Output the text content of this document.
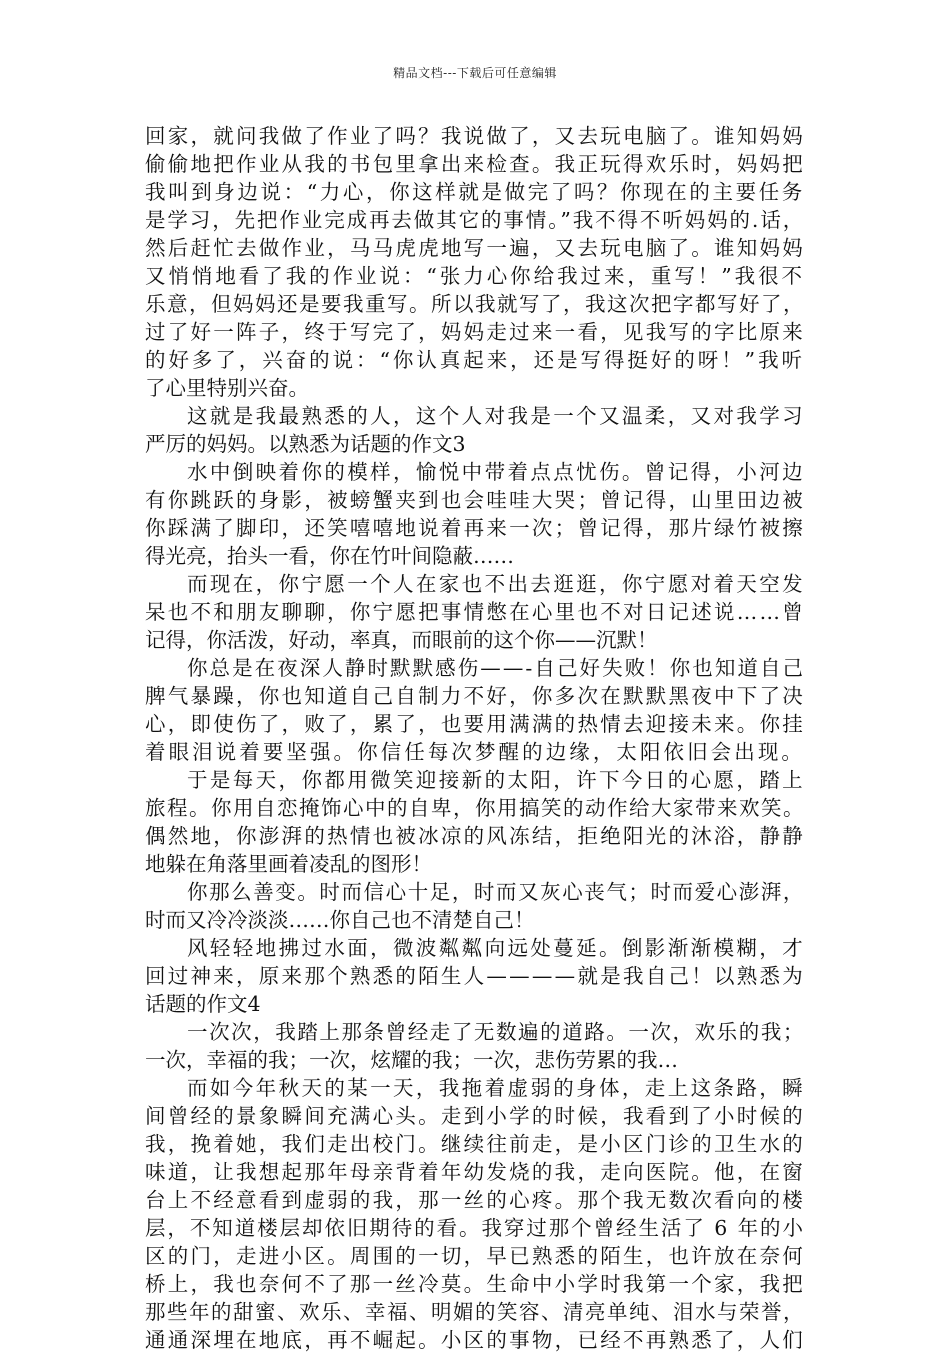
精品文档---下载后可任意编辑
回家，就问我做了作业了吗？我说做了，又去玩电脑了。谁知妈妈
偷偷地把作业从我的书包里拿出来检查。我正玩得欢乐时，妈妈把
我叫到身边说：“力心，你这样就是做完了吗？你现在的主要任务
是学习，先把作业完成再去做其它的事情。”我不得不听妈妈的.话，
然后赶忙去做作业，马马虎虎地写一遍，又去玩电脑了。谁知妈妈
又悄悄地看了我的作业说：“张力心你给我过来，重写！”我很不
乐意，但妈妈还是要我重写。所以我就写了，我这次把字都写好了，
过了好一阵子，终于写完了，妈妈走过来一看，见我写的字比原来
的好多了，兴奋的说：“你认真起来，还是写得挺好的呀！”我听
了心里特别兴奋。
这就是我最熟悉的人，这个人对我是一个又温柔，又对我学习
严厉的妈妈。以熟悉为话题的作文3
水中倒映着你的模样，愉悦中带着点点忧伤。曾记得，小河边
有你跳跃的身影，被螃蟹夹到也会哇哇大哭；曾记得，山里田边被
你踩满了脚印，还笑嘻嘻地说着再来一次；曾记得，那片绿竹被擦
得光亮，抬头一看，你在竹叶间隐蔽……
而现在，你宁愿一个人在家也不出去逛逛，你宁愿对着天空发
呆也不和朋友聊聊，你宁愿把事情憋在心里也不对日记述说……曾
记得，你活泼，好动，率真，而眼前的这个你——沉默！
你总是在夜深人静时默默感伤——-自己好失败！你也知道自己
脾气暴躁，你也知道自己自制力不好，你多次在默默黑夜中下了决
心，即使伤了，败了，累了，也要用满满的热情去迎接未来。你挂
着眼泪说着要坚强。你信任每次梦醒的边缘，太阳依旧会出现。
于是每天，你都用微笑迎接新的太阳，许下今日的心愿，踏上
旅程。你用自恋掩饰心中的自卑，你用搞笑的动作给大家带来欢笑。
偶然地，你澎湃的热情也被冰凉的风冻结，拒绝阳光的沐浴，静静
地躲在角落里画着凌乱的图形！
你那么善变。时而信心十足，时而又灰心丧气；时而爱心澎湃，
时而又冷冷淡淡……你自己也不清楚自己！
风轻轻地拂过水面，微波粼粼向远处蔓延。倒影渐渐模糊，才
回过神来，原来那个熟悉的陌生人————就是我自己！以熟悉为
话题的作文4
一次次，我踏上那条曾经走了无数遍的道路。一次，欢乐的我；
一次，幸福的我；一次，炫耀的我；一次，悲伤劳累的我…
而如今年秋天的某一天，我拖着虚弱的身体，走上这条路，瞬
间曾经的景象瞬间充满心头。走到小学的时候，我看到了小时候的
我，挽着她，我们走出校门。继续往前走，是小区门诊的卫生水的
味道，让我想起那年母亲背着年幼发烧的我，走向医院。他，在窗
台上不经意看到虚弱的我，那一丝的心疼。那个我无数次看向的楼
层，不知道楼层却依旧期待的看。我穿过那个曾经生活了 6 年的小
区的门，走进小区。周围的一切，早已熟悉的陌生，也许放在奈何
桥上，我也奈何不了那一丝冷莫。生命中小学时我第一个家，我把
那些年的甜蜜、欢乐、幸福、明媚的笑容、清亮单纯、泪水与荣誉，
通通深埋在地底，再不崛起。小区的事物，已经不再熟悉了，人们
